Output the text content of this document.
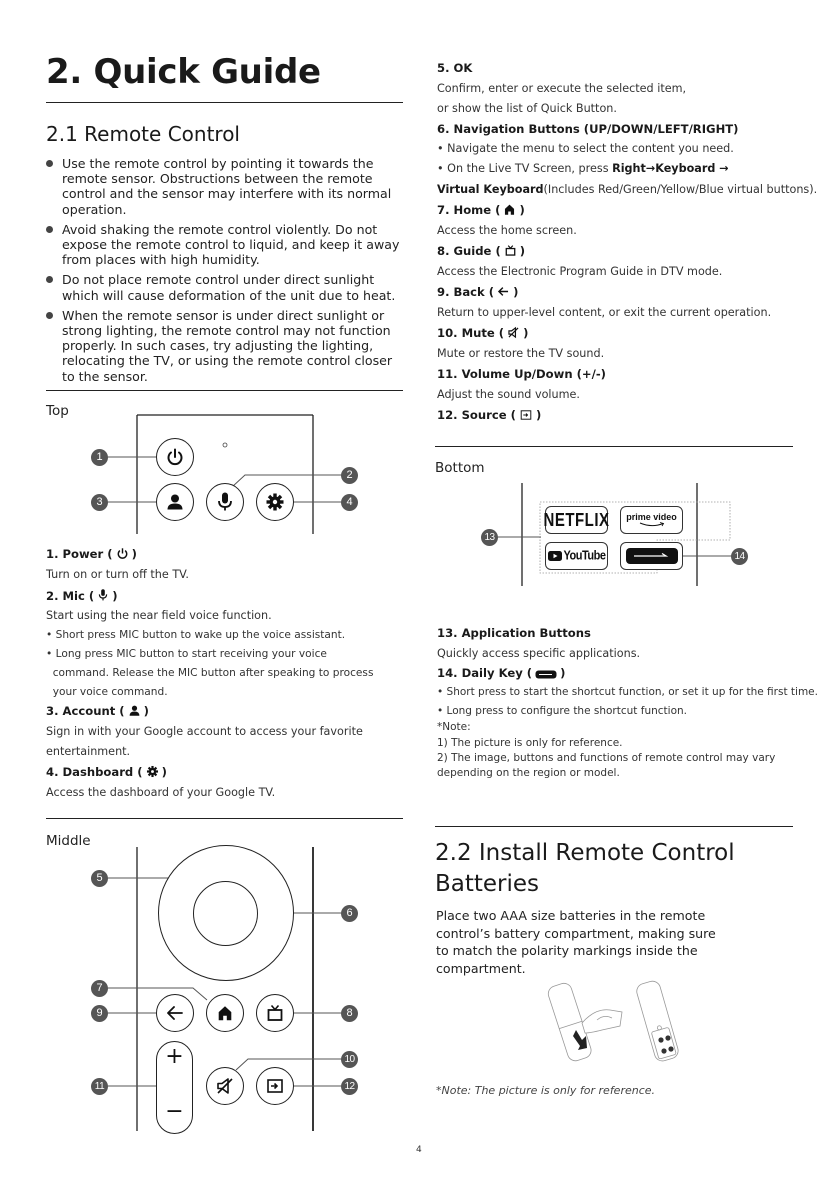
2. Quick Guide
2.1 Remote Control
Use the remote control by pointing it towards the remote sensor. Obstructions between the remote control and the sensor may interfere with its normal operation.
Avoid shaking the remote control violently. Do not expose the remote control to liquid, and keep it away from places with high humidity.
Do not place remote control under direct sunlight which will cause deformation of the unit due to heat.
When the remote sensor is under direct sunlight or strong lighting, the remote control may not function properly. In such cases, try adjusting the lighting, relocating the TV, or using the remote control closer to the sensor.
Top
1
2
3	4
1. Power ( )
Turn on or turn off the TV.
2. Mic ( )
Start using the near field voice function.
• Short press MIC button to wake up the voice assistant.
• Long press MIC button to start receiving your voice
command. Release the MIC button after speaking to process
your voice command.
3. Account ( )
Sign in with your Google account to access your favorite
entertainment.
4. Dashboard ( )
Access the dashboard of your Google TV.
Middle
5
6
7
8
9
10
11	12
+
−
5. OK
Confirm, enter or execute the selected item,
or show the list of Quick Button.
6. Navigation Buttons (UP/DOWN/LEFT/RIGHT)
• Navigate the menu to select the content you need.
• On the Live TV Screen, press Right→Keyboard →
Virtual Keyboard(Includes Red/Green/Yellow/Blue virtual buttons).
7. Home ( )
Access the home screen.
8. Guide ( )
Access the Electronic Program Guide in DTV mode.
9. Back ( )
Return to upper-level content, or exit the current operation.
10. Mute ( )
Mute or restore the TV sound.
11. Volume Up/Down (+/-)
Adjust the sound volume.
12. Source ( )
Bottom
13
14
NETFLIX prime video
YouTube
13. Application Buttons
Quickly access specific applications.
14. Daily Key ( )
• Short press to start the shortcut function, or set it up for the first time.
• Long press to configure the shortcut function.
*Note:
1) The picture is only for reference.
2) The image, buttons and functions of remote control may vary
depending on the region or model.
2.2 Install Remote Control
Batteries
Place two AAA size batteries in the remote
control’s battery compartment, making sure
to match the polarity markings inside the
compartment.
*Note: The picture is only for reference.
4
